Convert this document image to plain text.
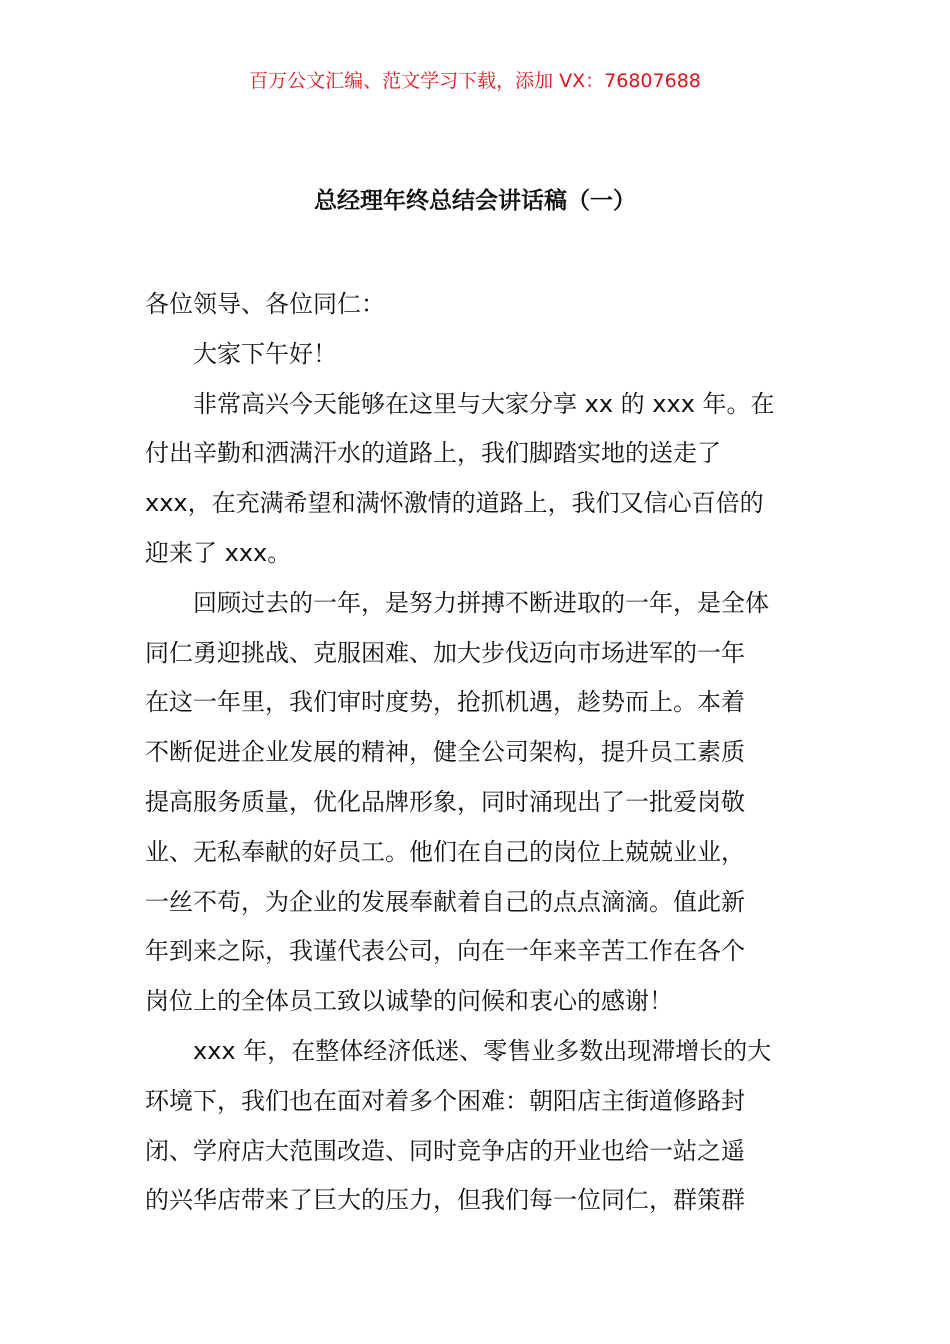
百万公文汇编、范文学习下载，添加 VX：76807688
总经理年终总结会讲话稿（一）

各位领导、各位同仁：

大家下午好！

非常高兴今天能够在这里与大家分享 xx 的 xxx 年。在
付出辛勤和洒满汗水的道路上，我们脚踏实地的送走了
xxx，在充满希望和满怀激情的道路上，我们又信心百倍的
迎来了 xxx。

回顾过去的一年，是努力拼搏不断进取的一年，是全体
同仁勇迎挑战、克服困难、加大步伐迈向市场进军的一年
在这一年里，我们审时度势，抢抓机遇，趁势而上。本着
不断促进企业发展的精神，健全公司架构，提升员工素质
提高服务质量，优化品牌形象，同时涌现出了一批爱岗敬
业、无私奉献的好员工。他们在自己的岗位上兢兢业业，
一丝不苟，为企业的发展奉献着自己的点点滴滴。值此新
年到来之际，我谨代表公司，向在一年来辛苦工作在各个
岗位上的全体员工致以诚挚的问候和衷心的感谢！

xxx 年，在整体经济低迷、零售业多数出现滞增长的大
环境下，我们也在面对着多个困难：朝阳店主街道修路封
闭、学府店大范围改造、同时竞争店的开业也给一站之遥
的兴华店带来了巨大的压力，但我们每一位同仁，群策群
